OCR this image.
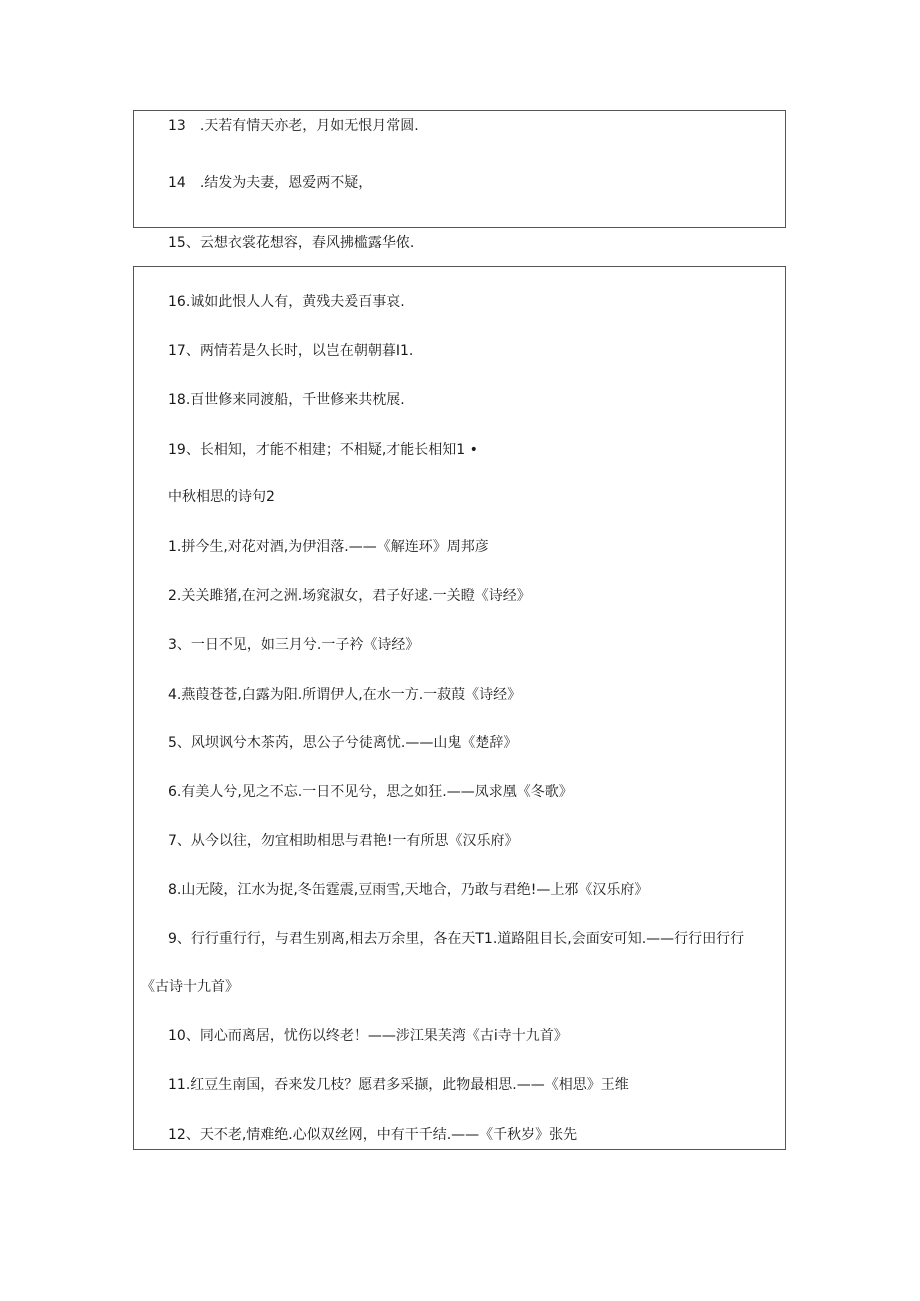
13　.天若有情天亦老，月如无恨月常圆.
14　.结发为夫妻，恩爱两不疑，
15、云想衣裳花想容，春风拂槛露华侬.
16.诚如此恨人人有，黄残夫爰百事哀.
17、两情若是久长时，以岂在朝朝暮I1.
18.百世修来同渡船，千世修来共枕展.
19、长相知，才能不相建；不相疑,才能长相知1 •
中秋相思的诗句2
1.拼今生,对花对酒,为伊泪落.——《解连环》周邦彦
2.关关雎猪,在河之洲.场窕淑女，君子好逑.一关瞪《诗经》
3、一日不见，如三月兮.一子衿《诗经》
4.燕葭苍苍,白露为阳.所谓伊人,在水一方.一菽葭《诗经》
5、风坝讽兮木茶芮，思公子兮徒离忧.——山鬼《楚辞》
6.有美人兮,见之不忘.一日不见兮，思之如狂.——凤求凰《冬歌》
7、从今以往，勿宜相助相思与君艳!一有所思《汉乐府》
8.山无陵，江水为捉,冬缶霆震,豆雨雪,天地合，乃敢与君绝!—上邪《汉乐府》
9、行行重行行，与君生别离,相去万余里，各在天T1.道路阻目长,会面安可知.——行行田行行
《古诗十九首》
10、同心而离居，忧伤以终老！——涉江果芙湾《古i寺十九首》
11.红豆生南国，吞来发几枝？愿君多采撷，此物最相思.——《相思》王维
12、天不老,情难绝.心似双丝网，中有干千结.——《千秋岁》张先
